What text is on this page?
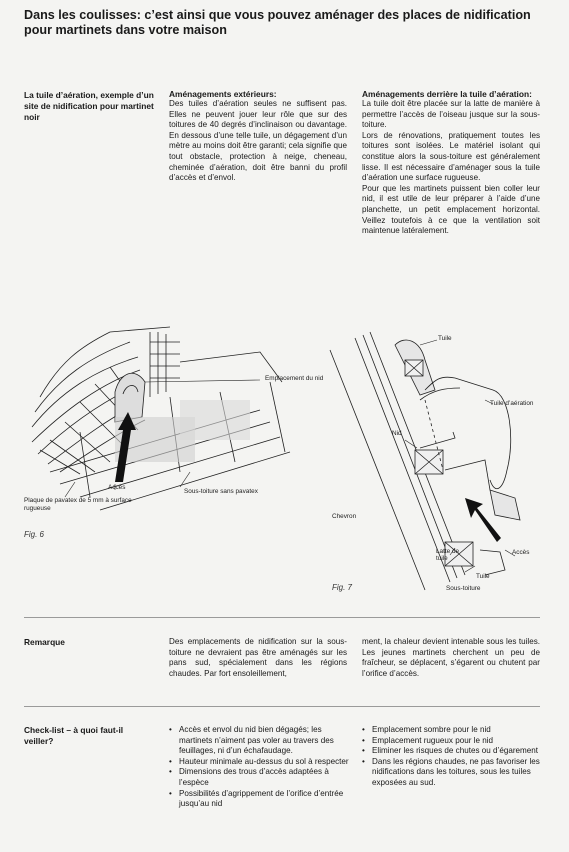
Dans les coulisses: c’est ainsi que vous pouvez aménager des places de nidification pour martinets dans votre maison
La tuile d’aération, exemple d’un site de nidification pour martinet noir
Aménagements extérieurs:
Des tuiles d’aération seules ne suffisent pas. Elles ne peuvent jouer leur rôle que sur des toitures de 40 degrés d’inclinaison ou davantage. En dessous d’une telle tuile, un dégagement d’un mètre au moins doit être garanti; cela signifie que tout obstacle, protection à neige, cheneau, cheminée d’aération, doit être banni du profil d’accès et d’envol.
Aménagements derrière la tuile d’aération:
La tuile doit être placée sur la latte de manière à permettre l’accès de l’oiseau jusque sur la sous-toiture.
Lors de rénovations, pratiquement toutes les toitures sont isolées. Le matériel isolant qui constitue alors la sous-toiture est généralement lisse. Il est nécessaire d’aménager sous la tuile d’aération une surface rugueuse.
Pour que les martinets puissent bien coller leur nid, il est utile de leur préparer à l’aide d’une planchette, un petit emplacement horizontal. Veillez toutefois à ce que la ventilation soit maintenue latéralement.
Emplacement du nid
Accès
Plaque de pavatex de 5 mm à surface rugueuse
Sous-toiture sans pavatex
Fig. 6
Tuile
Tuile d’aération
Nid
Chevron
Latte de tuile
Accès
Tuile
Sous-toiture
Fig. 7
Remarque	Des emplacements de nidification sur la sous-toiture ne devraient pas être aménagés sur les pans sud, spécialement dans les régions chaudes. Par fort ensoleillement,
ment, la chaleur devient intenable sous les tuiles. Les jeunes martinets cherchent un peu de fraîcheur, se déplacent, s’égarent ou chutent par l’orifice d’accès.
Check-list – à quoi faut-il veiller?
• Accès et envol du nid bien dégagés; les martinets n’aiment pas voler au travers des feuillages, ni d’un échafaudage.
• Hauteur minimale au-dessus du sol à respecter
• Dimensions des trous d’accès adaptées à l’espèce
• Possibilités d’agrippement de l’orifice d’entrée jusqu’au nid
• Emplacement sombre pour le nid
• Emplacement rugueux pour le nid
• Eliminer les risques de chutes ou d’égarement
• Dans les régions chaudes, ne pas favoriser les nidifications dans les toitures, sous les tuiles exposées au sud.
